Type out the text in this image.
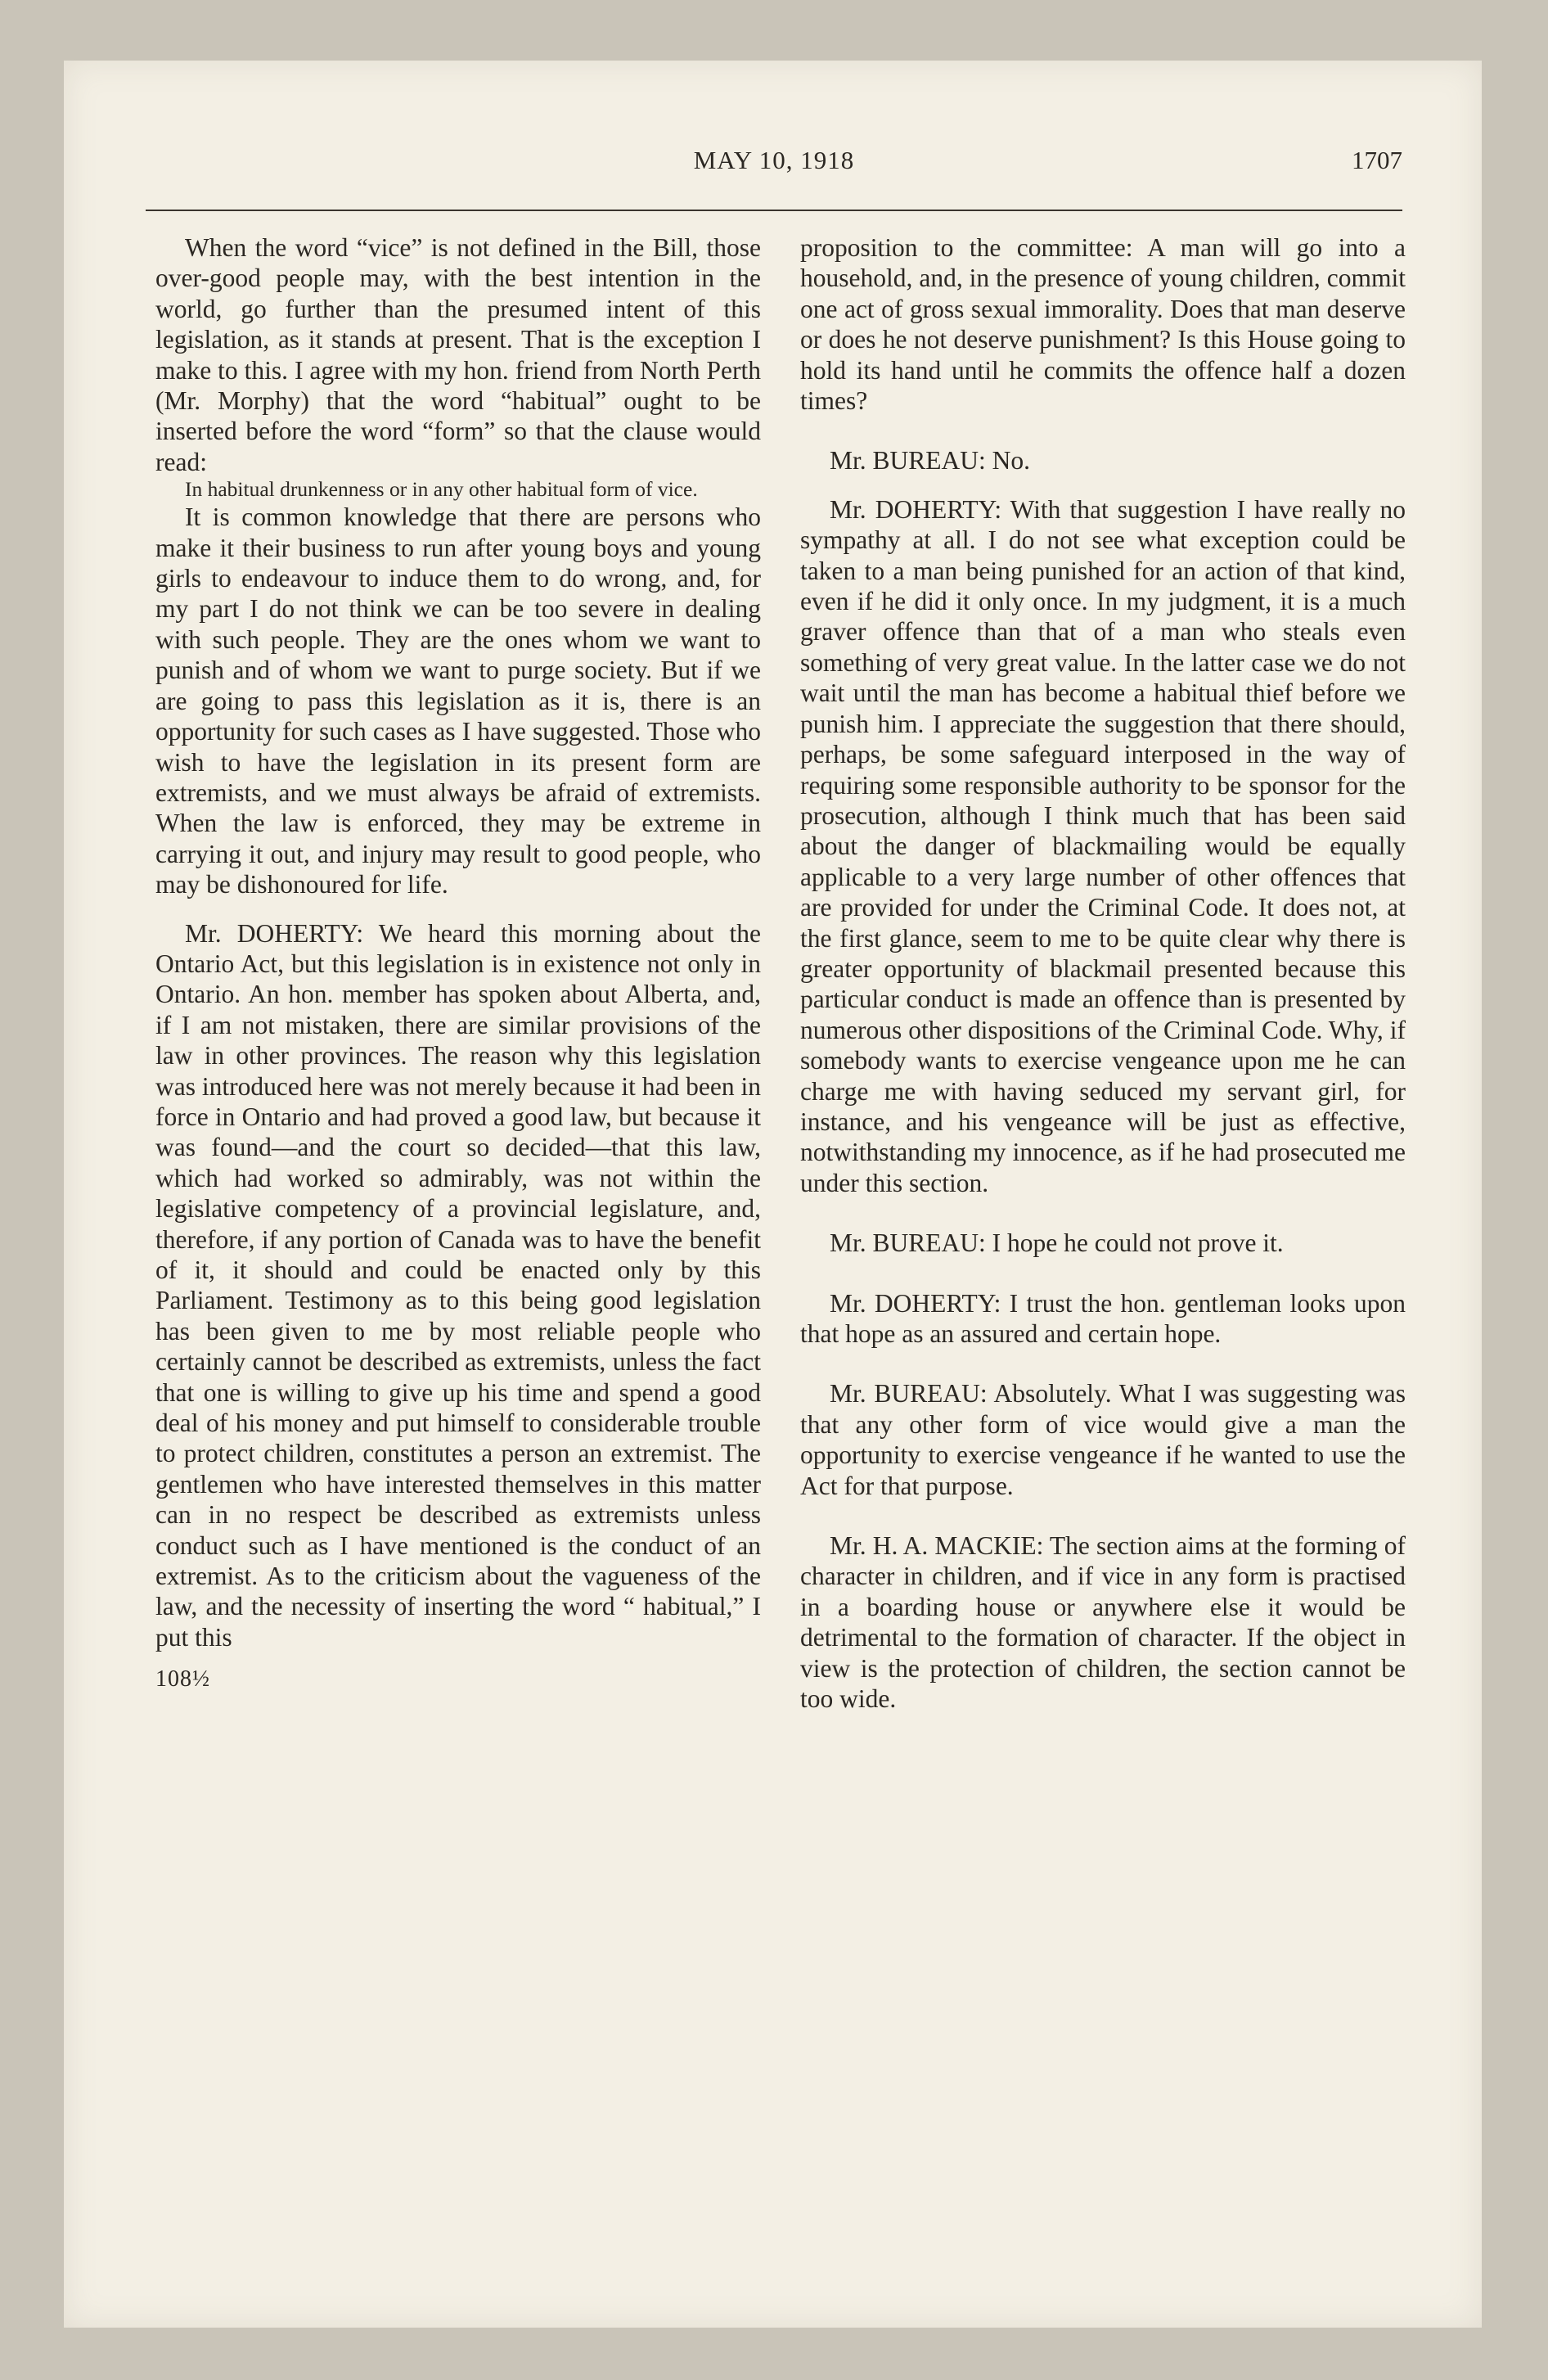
MAY 10, 1918	1707

When the word “vice” is not defined in the Bill, those over-good people may, with the best intention in the world, go further than the presumed intent of this legislation, as it stands at present. That is the exception I make to this. I agree with my hon. friend from North Perth (Mr. Morphy) that the word “habitual” ought to be inserted before the word “form” so that the clause would read:

In habitual drunkenness or in any other habitual form of vice.

It is common knowledge that there are persons who make it their business to run after young boys and young girls to endeavour to induce them to do wrong, and, for my part I do not think we can be too severe in dealing with such people. They are the ones whom we want to punish and of whom we want to purge society. But if we are going to pass this legislation as it is, there is an opportunity for such cases as I have suggested. Those who wish to have the legislation in its present form are extremists, and we must always be afraid of extremists. When the law is enforced, they may be extreme in carrying it out, and injury may result to good people, who may be dishonoured for life.

Mr. DOHERTY: We heard this morning about the Ontario Act, but this legislation is in existence not only in Ontario. An hon. member has spoken about Alberta, and, if I am not mistaken, there are similar provisions of the law in other provinces. The reason why this legislation was introduced here was not merely because it had been in force in Ontario and had proved a good law, but because it was found—and the court so decided—that this law, which had worked so admirably, was not within the legislative competency of a provincial legislature, and, therefore, if any portion of Canada was to have the benefit of it, it should and could be enacted only by this Parliament. Testimony as to this being good legislation has been given to me by most reliable people who certainly cannot be described as extremists, unless the fact that one is willing to give up his time and spend a good deal of his money and put himself to considerable trouble to protect children, constitutes a person an extremist. The gentlemen who have interested themselves in this matter can in no respect be described as extremists unless conduct such as I have mentioned is the conduct of an extremist. As to the criticism about the vagueness of the law, and the necessity of inserting the word “ habitual,” I put this

108½

proposition to the committee: A man will go into a household, and, in the presence of young children, commit one act of gross sexual immorality. Does that man deserve or does he not deserve punishment? Is this House going to hold its hand until he commits the offence half a dozen times?

Mr. BUREAU: No.

Mr. DOHERTY: With that suggestion I have really no sympathy at all. I do not see what exception could be taken to a man being punished for an action of that kind, even if he did it only once. In my judgment, it is a much graver offence than that of a man who steals even something of very great value. In the latter case we do not wait until the man has become a habitual thief before we punish him. I appreciate the suggestion that there should, perhaps, be some safeguard interposed in the way of requiring some responsible authority to be sponsor for the prosecution, although I think much that has been said about the danger of blackmailing would be equally applicable to a very large number of other offences that are provided for under the Criminal Code. It does not, at the first glance, seem to me to be quite clear why there is greater opportunity of blackmail presented because this particular conduct is made an offence than is presented by numerous other dispositions of the Criminal Code. Why, if somebody wants to exercise vengeance upon me he can charge me with having seduced my servant girl, for instance, and his vengeance will be just as effective, notwithstanding my innocence, as if he had prosecuted me under this section.

Mr. BUREAU: I hope he could not prove it.

Mr. DOHERTY: I trust the hon. gentleman looks upon that hope as an assured and certain hope.

Mr. BUREAU: Absolutely. What I was suggesting was that any other form of vice would give a man the opportunity to exercise vengeance if he wanted to use the Act for that purpose.

Mr. H. A. MACKIE: The section aims at the forming of character in children, and if vice in any form is practised in a boarding house or anywhere else it would be detrimental to the formation of character. If the object in view is the protection of children, the section cannot be too wide.
